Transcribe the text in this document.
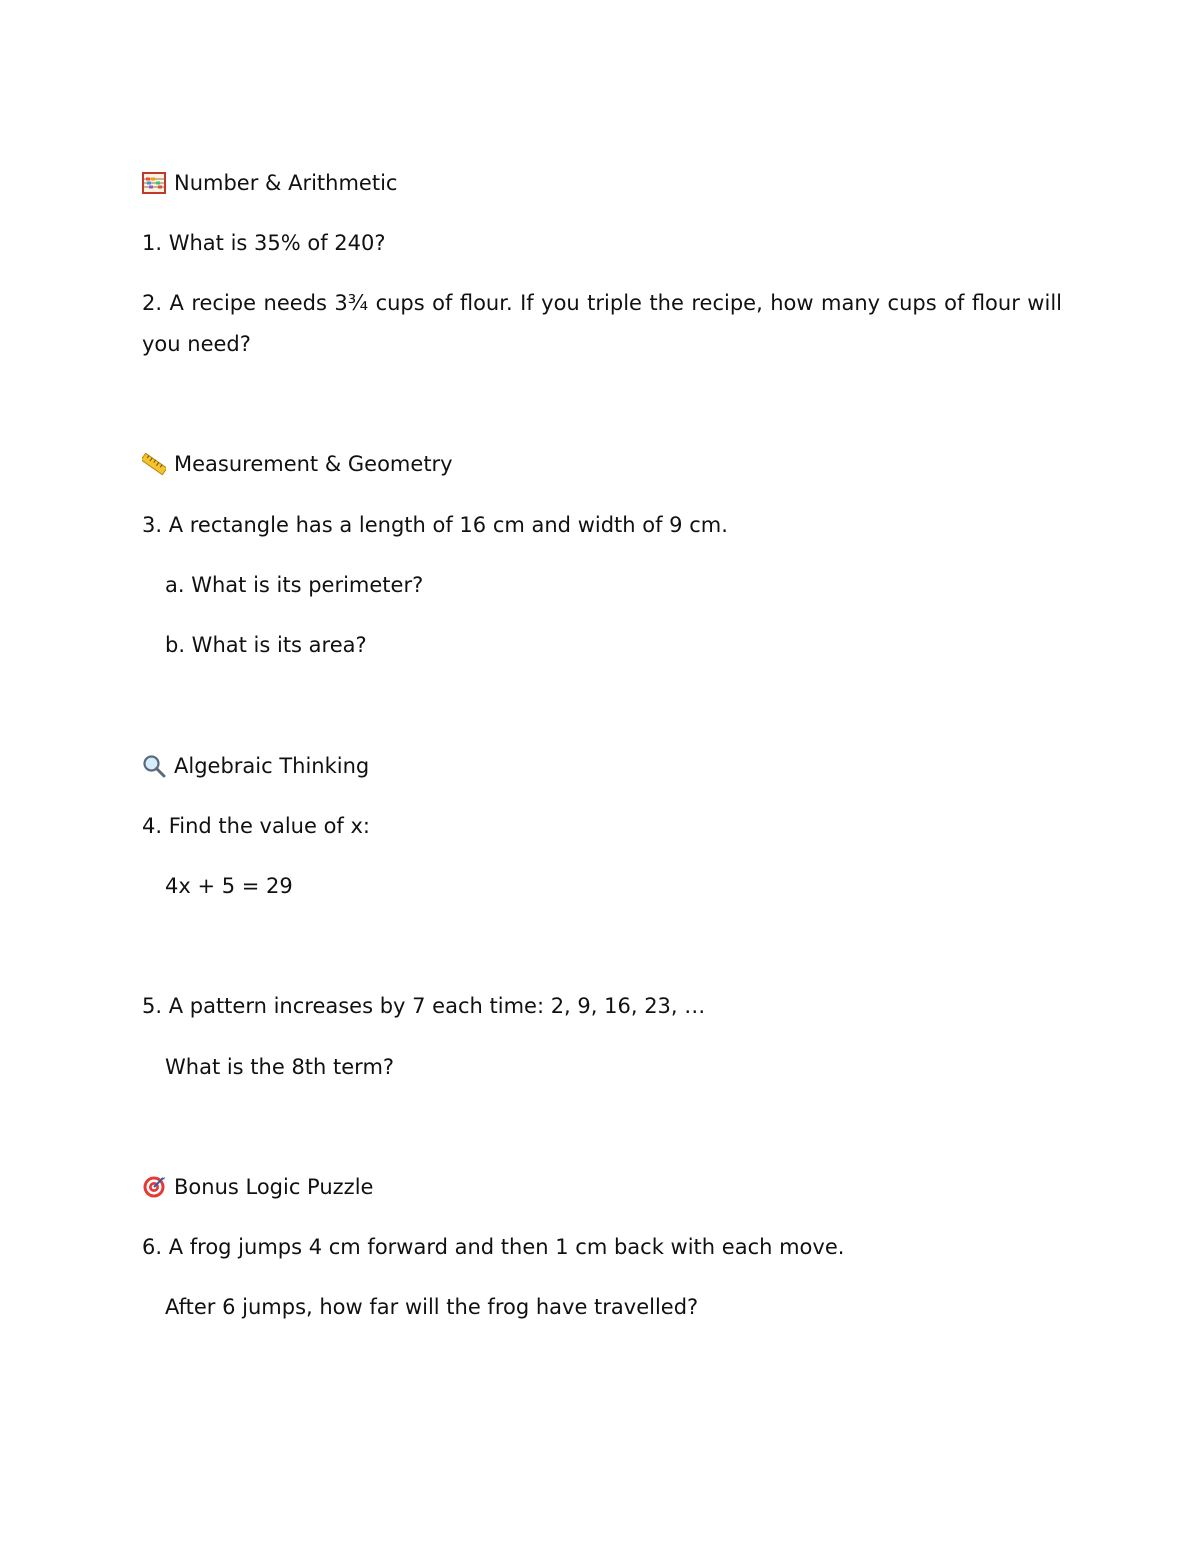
Number & Arithmetic
1. What is 35% of 240?
2. A recipe needs 3¾ cups of flour. If you triple the recipe, how many cups of flour will you need?
Measurement & Geometry
3. A rectangle has a length of 16 cm and width of 9 cm.
a. What is its perimeter?
b. What is its area?
Algebraic Thinking
4. Find the value of x:
4x + 5 = 29
5. A pattern increases by 7 each time: 2, 9, 16, 23, …
What is the 8th term?
Bonus Logic Puzzle
6. A frog jumps 4 cm forward and then 1 cm back with each move.
After 6 jumps, how far will the frog have travelled?
